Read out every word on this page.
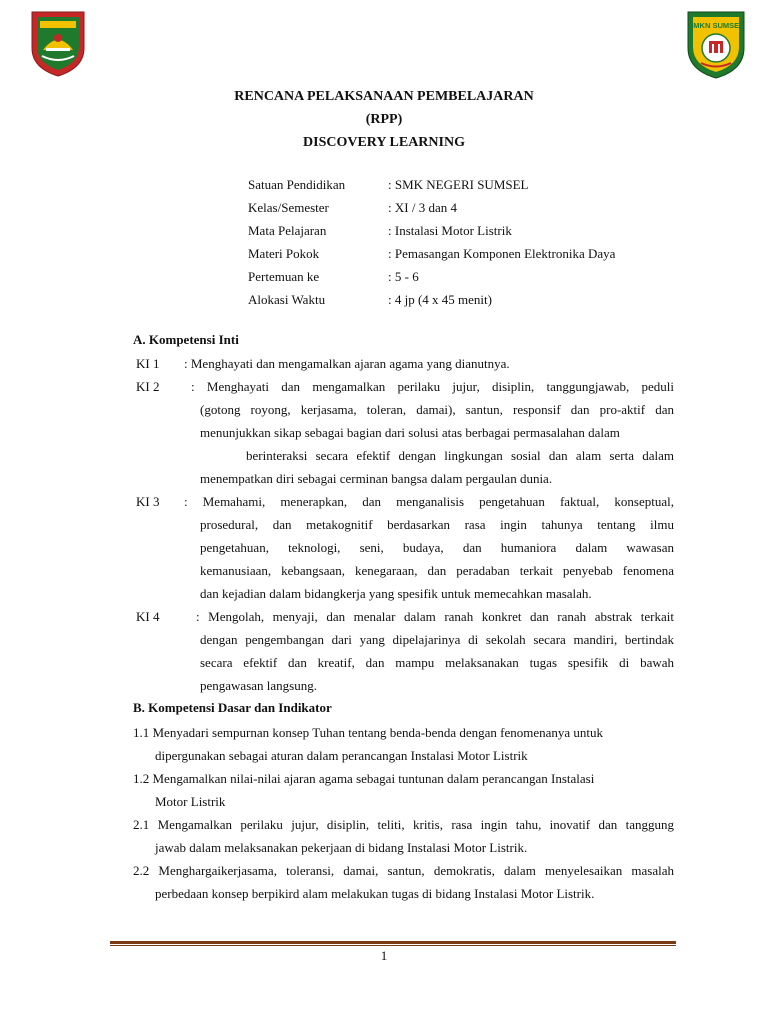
SMKN SUMSEL
RENCANA PELAKSANAAN PEMBELAJARAN
(RPP)
DISCOVERY LEARNING
Satuan Pendidikan	: SMK NEGERI SUMSEL
Kelas/Semester	: XI / 3 dan 4
Mata Pelajaran	: Instalasi Motor Listrik
Materi Pokok	: Pemasangan Komponen Elektronika Daya
Pertemuan ke	: 5 - 6
Alokasi Waktu	: 4 jp (4 x 45 menit)
A. Kompetensi Inti
KI 1	: Menghayati dan mengamalkan ajaran agama yang dianutnya.
KI 2	: Menghayati dan mengamalkan perilaku jujur, disiplin, tanggungjawab, peduli
(gotong royong, kerjasama, toleran, damai), santun, responsif dan pro-aktif dan
menunjukkan sikap sebagai bagian dari solusi atas berbagai permasalahan dalam
berinteraksi secara efektif dengan lingkungan sosial dan alam serta dalam
menempatkan diri sebagai cerminan bangsa dalam pergaulan dunia.
KI 3	: Memahami, menerapkan, dan menganalisis pengetahuan faktual, konseptual,
prosedural, dan metakognitif berdasarkan rasa ingin tahunya tentang ilmu
pengetahuan, teknologi, seni, budaya, dan humaniora dalam wawasan
kemanusiaan, kebangsaan, kenegaraan, dan peradaban terkait penyebab fenomena
dan kejadian dalam bidangkerja yang spesifik untuk memecahkan masalah.
KI 4	: Mengolah, menyaji, dan menalar dalam ranah konkret dan ranah abstrak terkait
dengan pengembangan dari yang dipelajarinya di sekolah secara mandiri, bertindak
secara efektif dan kreatif, dan mampu melaksanakan tugas spesifik di bawah
pengawasan langsung.
B. Kompetensi Dasar dan Indikator
1.1 Menyadari sempurnan konsep Tuhan tentang benda-benda dengan fenomenanya untuk
dipergunakan sebagai aturan dalam perancangan Instalasi Motor Listrik
1.2 Mengamalkan nilai-nilai ajaran agama sebagai tuntunan dalam perancangan Instalasi
Motor Listrik
2.1 Mengamalkan perilaku jujur, disiplin, teliti, kritis, rasa ingin tahu, inovatif dan tanggung
jawab dalam melaksanakan pekerjaan di bidang Instalasi Motor Listrik.
2.2 Menghargaikerjasama, toleransi, damai, santun, demokratis, dalam menyelesaikan masalah
perbedaan konsep berpikird alam melakukan tugas di bidang Instalasi Motor Listrik.
1
